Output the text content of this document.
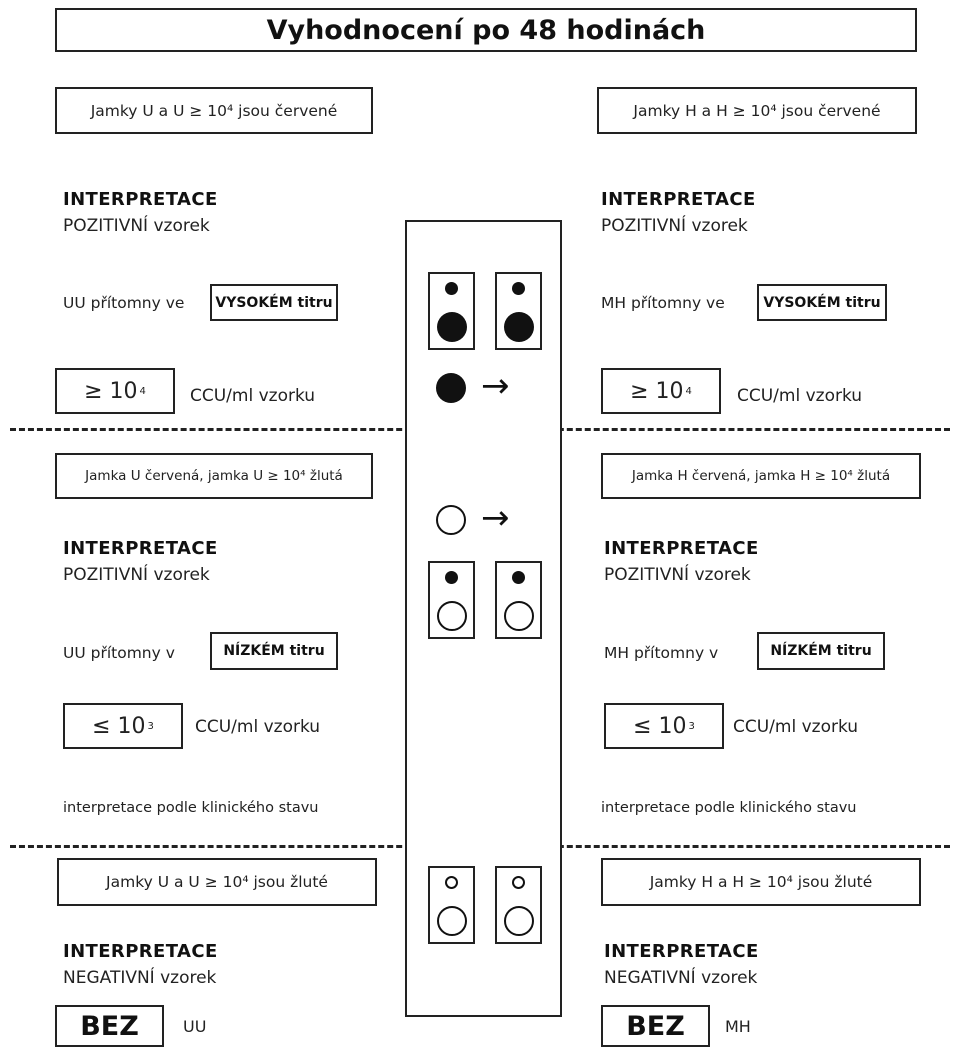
Vyhodnocení po 48 hodinách
Jamky U a U ≥ 10⁴ jsou červené
INTERPRETACE
POZITIVNÍ vzorek
UU přítomny ve	VYSOKÉM titru
≥ 10 4	CCU/ml vzorku
Jamky H a H ≥ 10⁴ jsou červené
INTERPRETACE
POZITIVNÍ vzorek
MH přítomny ve	VYSOKÉM titru
≥ 10 4	CCU/ml vzorku
Jamka U červená, jamka U ≥ 10⁴ žlutá
INTERPRETACE
POZITIVNÍ vzorek
UU přítomny v	NÍZKÉM titru
≤ 10 3 CCU/ml vzorku
interpretace podle klinického stavu
Jamka H červená, jamka H ≥ 10⁴ žlutá
INTERPRETACE
POZITIVNÍ vzorek
MH přítomny v	NÍZKÉM titru
≤ 10 3 CCU/ml vzorku
interpretace podle klinického stavu
Jamky U a U ≥ 10⁴ jsou žluté
INTERPRETACE
NEGATIVNÍ vzorek
BEZ	UU
Jamky H a H ≥ 10⁴ jsou žluté
INTERPRETACE
NEGATIVNÍ vzorek
BEZ	MH
→
→
